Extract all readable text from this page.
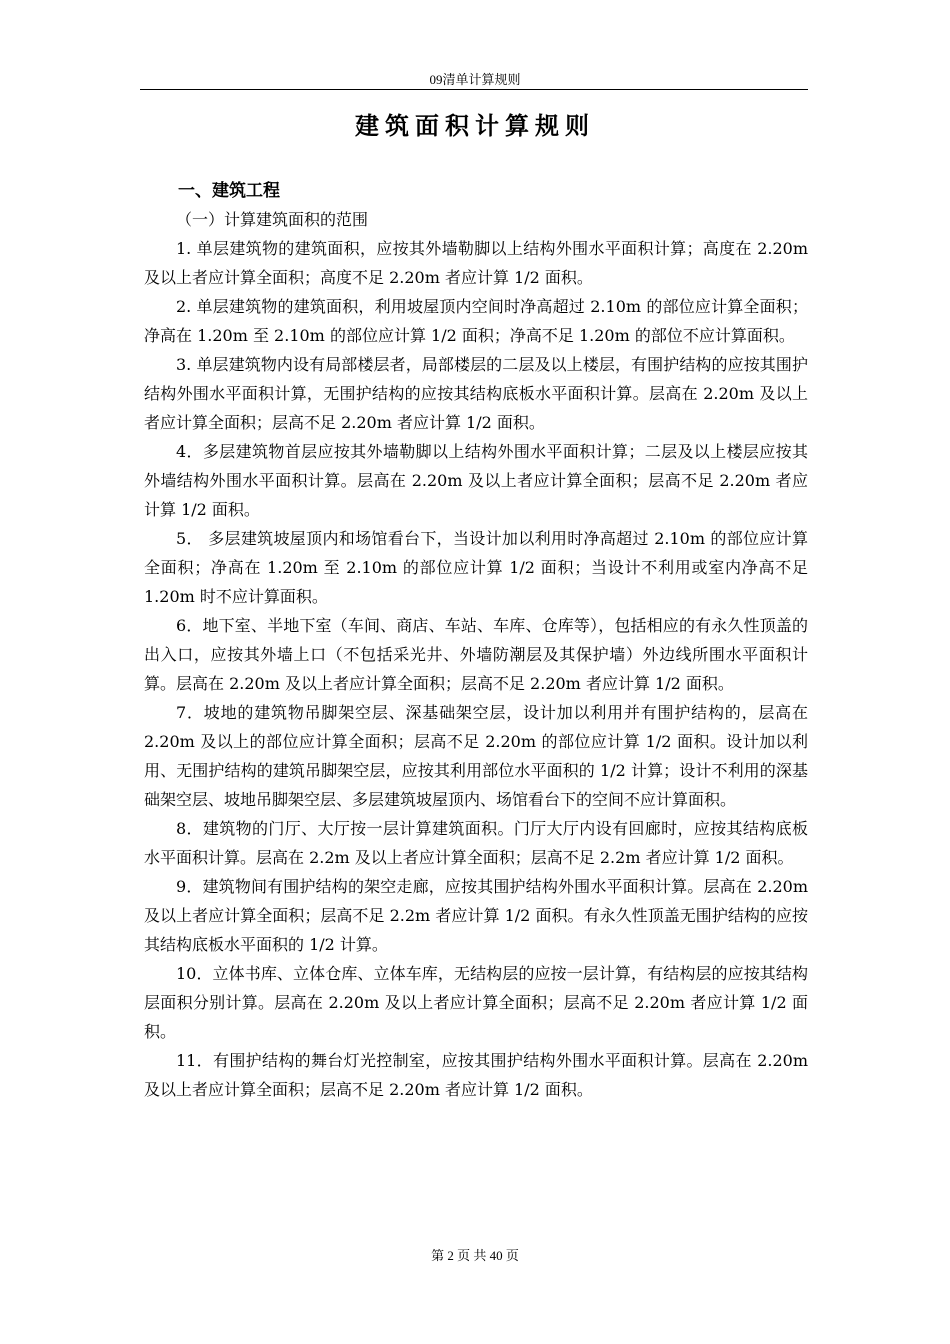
09清单计算规则
建筑面积计算规则

一、建筑工程

（一）计算建筑面积的范围

1. 单层建筑物的建筑面积，应按其外墙勒脚以上结构外围水平面积计算；高度在 2.20m 及以上者应计算全面积；高度不足 2.20m 者应计算 1/2 面积。

2. 单层建筑物的建筑面积，利用坡屋顶内空间时净高超过 2.10m 的部位应计算全面积；净高在 1.20m 至 2.10m 的部位应计算 1/2 面积；净高不足 1.20m 的部位不应计算面积。

3. 单层建筑物内设有局部楼层者，局部楼层的二层及以上楼层，有围护结构的应按其围护结构外围水平面积计算，无围护结构的应按其结构底板水平面积计算。层高在 2.20m 及以上者应计算全面积；层高不足 2.20m 者应计算 1/2 面积。

4．多层建筑物首层应按其外墙勒脚以上结构外围水平面积计算；二层及以上楼层应按其外墙结构外围水平面积计算。层高在 2.20m 及以上者应计算全面积；层高不足 2.20m 者应计算 1/2 面积。

5． 多层建筑坡屋顶内和场馆看台下，当设计加以利用时净高超过 2.10m 的部位应计算全面积；净高在 1.20m 至 2.10m 的部位应计算 1/2 面积；当设计不利用或室内净高不足 1.20m 时不应计算面积。

6．地下室、半地下室（车间、商店、车站、车库、仓库等），包括相应的有永久性顶盖的出入口，应按其外墙上口（不包括采光井、外墙防潮层及其保护墙）外边线所围水平面积计算。层高在 2.20m 及以上者应计算全面积；层高不足 2.20m 者应计算 1/2 面积。

7．坡地的建筑物吊脚架空层、深基础架空层，设计加以利用并有围护结构的，层高在 2.20m 及以上的部位应计算全面积；层高不足 2.20m 的部位应计算 1/2 面积。设计加以利用、无围护结构的建筑吊脚架空层，应按其利用部位水平面积的 1/2 计算；设计不利用的深基础架空层、坡地吊脚架空层、多层建筑坡屋顶内、场馆看台下的空间不应计算面积。

8．建筑物的门厅、大厅按一层计算建筑面积。门厅大厅内设有回廊时，应按其结构底板水平面积计算。层高在 2.2m 及以上者应计算全面积；层高不足 2.2m 者应计算 1/2 面积。

9．建筑物间有围护结构的架空走廊，应按其围护结构外围水平面积计算。层高在 2.20m 及以上者应计算全面积；层高不足 2.2m 者应计算 1/2 面积。有永久性顶盖无围护结构的应按其结构底板水平面积的 1/2 计算。

10．立体书库、立体仓库、立体车库，无结构层的应按一层计算，有结构层的应按其结构层面积分别计算。层高在 2.20m 及以上者应计算全面积；层高不足 2.20m 者应计算 1/2 面积。

11．有围护结构的舞台灯光控制室，应按其围护结构外围水平面积计算。层高在 2.20m 及以上者应计算全面积；层高不足 2.20m 者应计算 1/2 面积。

第 2 页 共 40 页
